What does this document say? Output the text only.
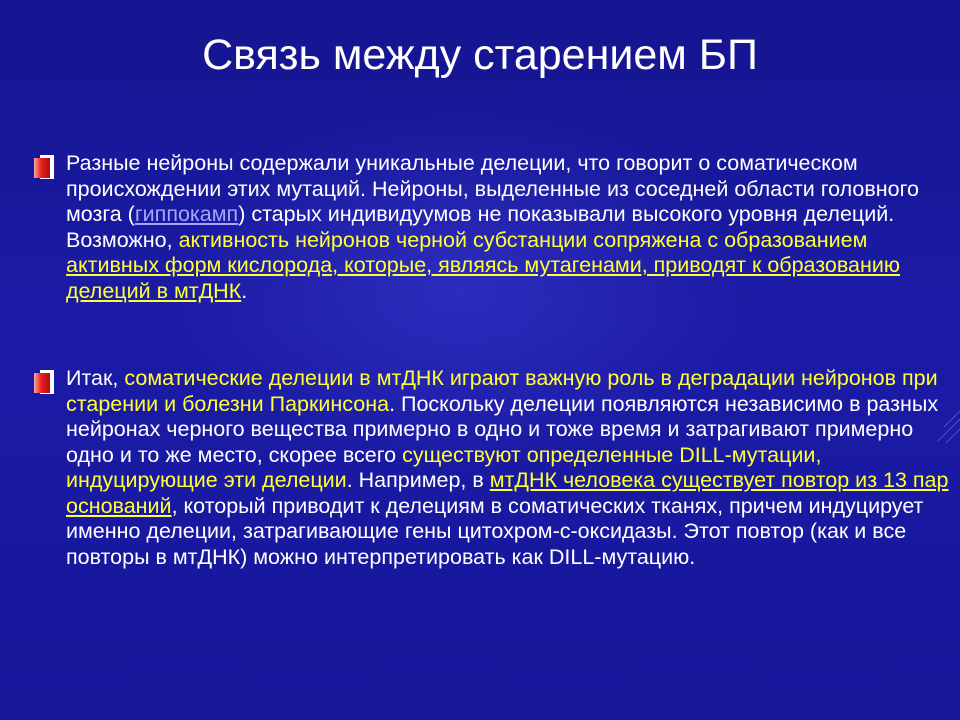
Связь между старением БП
Разные нейроны содержали уникальные делеции, что говорит о соматическом происхождении этих мутаций. Нейроны, выделенные из соседней области головного мозга (гиппокамп) старых индивидуумов не показывали высокого уровня делеций. Возможно, активность нейронов черной субстанции сопряжена с образованием активных форм кислорода, которые, являясь мутагенами, приводят к образованию делеций в мтДНК.
Итак, соматические делеции в мтДНК играют важную роль в деградации нейронов при старении и болезни Паркинсона. Поскольку делеции появляются независимо в разных нейронах черного вещества примерно в одно и тоже время и затрагивают примерно одно и то же место, скорее всего существуют определенные DILL-мутации, индуцирующие эти делеции. Например, в мтДНК человека существует повтор из 13 пар оснований, который приводит к делециям в соматических тканях, причем индуцирует именно делеции, затрагивающие гены цитохром-с-оксидазы. Этот повтор (как и все повторы в мтДНК) можно интерпретировать как DILL-мутацию.
